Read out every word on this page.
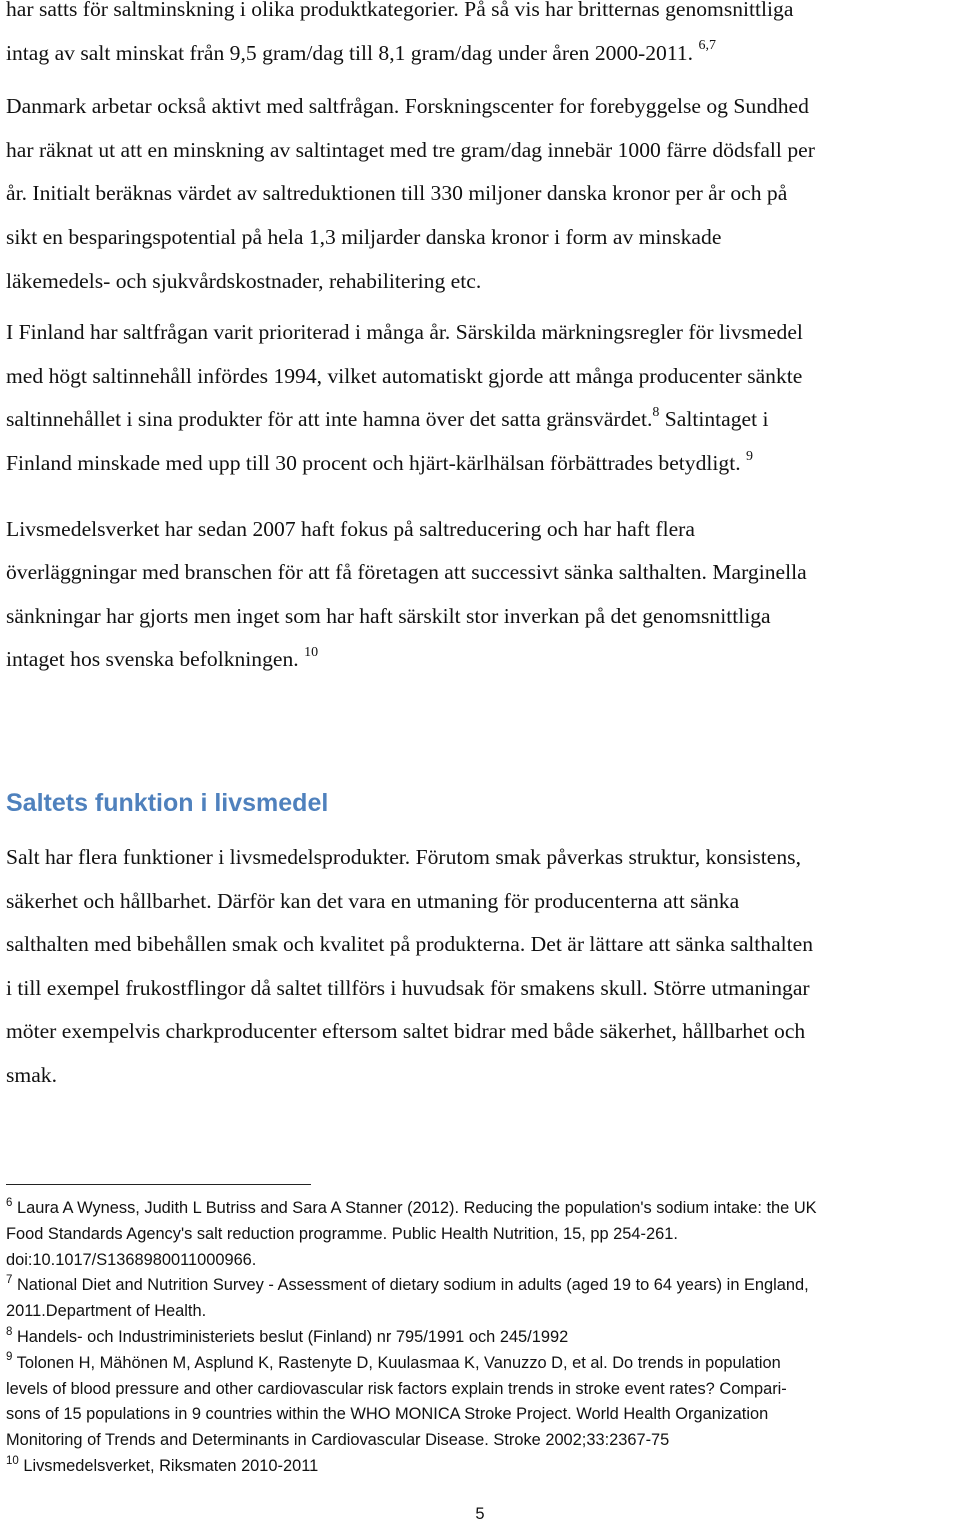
har satts för saltminskning i olika produktkategorier. På så vis har britternas genomsnittliga
intag av salt minskat från 9,5 gram/dag till 8,1 gram/dag under åren 2000-2011. $^{6,7}$

Danmark arbetar också aktivt med saltfrågan. Forskningscenter for forebyggelse og Sundhed
har räknat ut att en minskning av saltintaget med tre gram/dag innebär 1000 färre dödsfall per
år. Initialt beräknas värdet av saltreduktionen till 330 miljoner danska kronor per år och på
sikt en besparingspotential på hela 1,3 miljarder danska kronor i form av minskade
läkemedels- och sjukvårdskostnader, rehabilitering etc.

I Finland har saltfrågan varit prioriterad i många år. Särskilda märkningsregler för livsmedel
med högt saltinnehåll infördes 1994, vilket automatiskt gjorde att många producenter sänkte
saltinnehållet i sina produkter för att inte hamna över det satta gränsvärdet.$^8$ Saltintaget i
Finland minskade med upp till 30 procent och hjärt-kärlhälsan förbättrades betydligt. $^9$

Livsmedelsverket har sedan 2007 haft fokus på saltreducering och har haft flera
överläggningar med branschen för att få företagen att successivt sänka salthalten. Marginella
sänkningar har gjorts men inget som har haft särskilt stor inverkan på det genomsnittliga
intaget hos svenska befolkningen. $^{10}$

Saltets funktion i livsmedel

Salt har flera funktioner i livsmedelsprodukter. Förutom smak påverkas struktur, konsistens,
säkerhet och hållbarhet. Därför kan det vara en utmaning för producenterna att sänka
salthalten med bibehållen smak och kvalitet på produkterna. Det är lättare att sänka salthalten
i till exempel frukostflingor då saltet tillförs i huvudsak för smakens skull. Större utmaningar
möter exempelvis charkproducenter eftersom saltet bidrar med både säkerhet, hållbarhet och
smak.

$^6$ Laura A Wyness, Judith L Butriss and Sara A Stanner (2012). Reducing the population's sodium intake: the UK
Food Standards Agency's salt reduction programme. Public Health Nutrition, 15, pp 254-261.
doi:10.1017/S1368980011000966.

$^7$ National Diet and Nutrition Survey - Assessment of dietary sodium in adults (aged 19 to 64 years) in England,
2011.Department of Health.

$^8$ Handels- och Industriministeriets beslut (Finland) nr 795/1991 och 245/1992

$^9$ Tolonen H, Mähönen M, Asplund K, Rastenyte D, Kuulasmaa K, Vanuzzo D, et al. Do trends in population
levels of blood pressure and other cardiovascular risk factors explain trends in stroke event rates? Compari-
sons of 15 populations in 9 countries within the WHO MONICA Stroke Project. World Health Organization
Monitoring of Trends and Determinants in Cardiovascular Disease. Stroke 2002;33:2367-75

$^{10}$ Livsmedelsverket, Riksmaten 2010-2011

5
